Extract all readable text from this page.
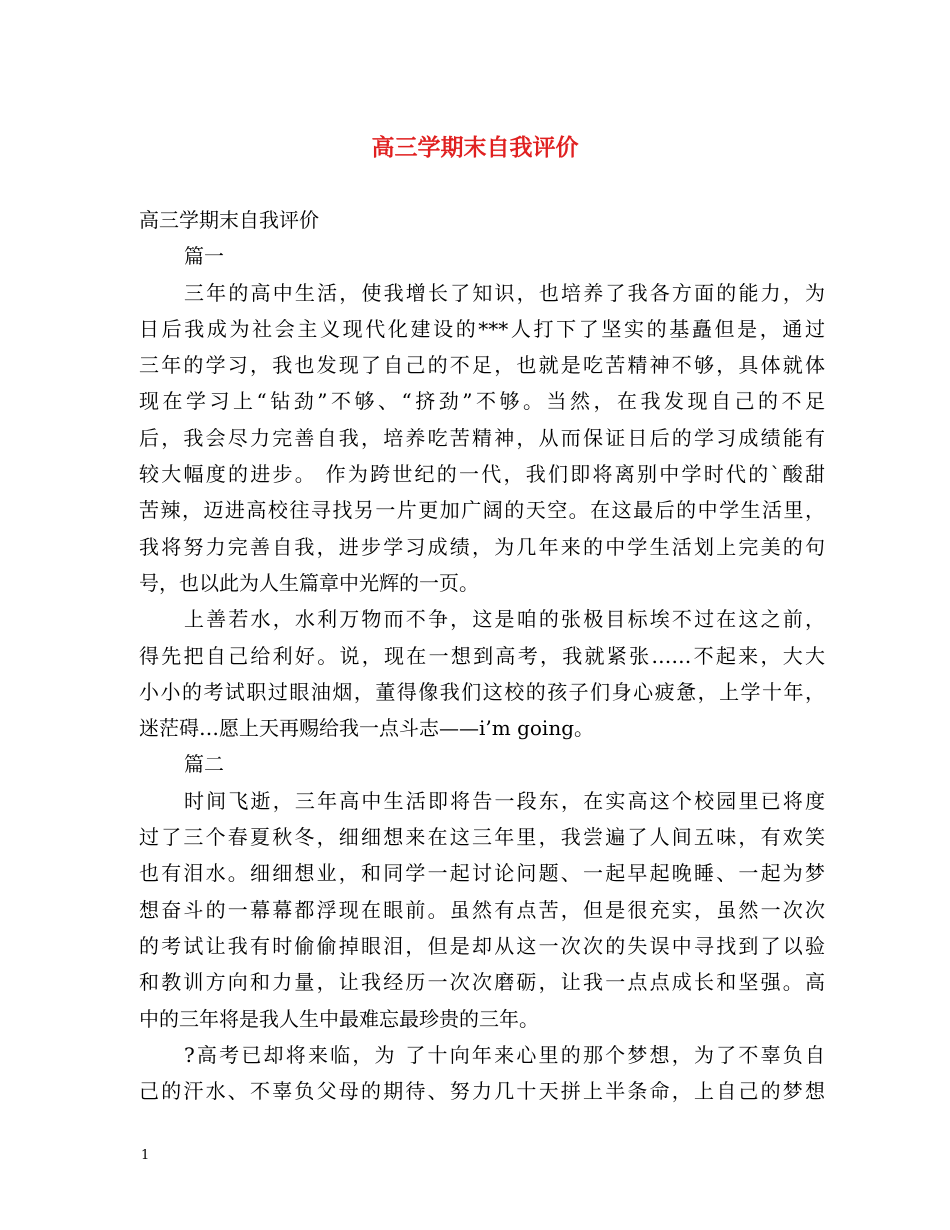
高三学期末自我评价
高三学期末自我评价
篇一
三年的高中生活，使我增长了知识，也培养了我各方面的能力，为
日后我成为社会主义现代化建设的***人打下了坚实的基矗但是，通过
三年的学习，我也发现了自己的不足，也就是吃苦精神不够，具体就体
现在学习上“钻劲”不够、“挤劲”不够。当然，在我发现自己的不足
后，我会尽力完善自我，培养吃苦精神，从而保证日后的学习成绩能有
较大幅度的进步。 作为跨世纪的一代，我们即将离别中学时代的`酸甜
苦辣，迈进高校往寻找另一片更加广阔的天空。在这最后的中学生活里，
我将努力完善自我，进步学习成绩，为几年来的中学生活划上完美的句
号，也以此为人生篇章中光辉的一页。
上善若水，水利万物而不争，这是咱的张极目标埃不过在这之前，
得先把自己给利好。说，现在一想到高考，我就紧张……不起来，大大
小小的考试职过眼油烟，董得像我们这校的孩子们身心疲惫，上学十年，
迷茫碍…愿上天再赐给我一点斗志——i’m going。
篇二
时间飞逝，三年高中生活即将告一段东，在实高这个校园里已将度
过了三个春夏秋冬，细细想来在这三年里，我尝遍了人间五味，有欢笑
也有泪水。细细想业，和同学一起讨论问题、一起早起晚睡、一起为梦
想奋斗的一幕幕都浮现在眼前。虽然有点苦，但是很充实，虽然一次次
的考试让我有时偷偷掉眼泪，但是却从这一次次的失误中寻找到了以验
和教训方向和力量，让我经历一次次磨砺，让我一点点成长和坚强。高
中的三年将是我人生中最难忘最珍贵的三年。
?高考已却将来临，为 了十向年来心里的那个梦想，为了不辜负自
己的汗水、不辜负父母的期待、努力几十天拼上半条命，上自己的梦想
1
